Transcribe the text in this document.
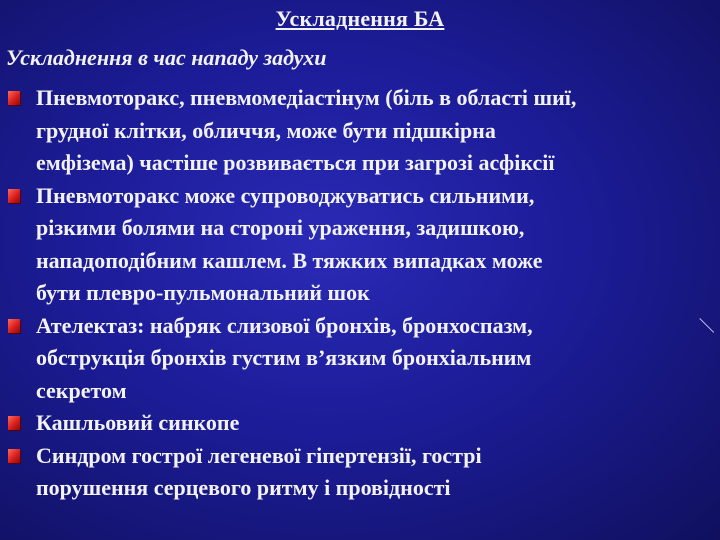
Ускладнення БА
Ускладнення в час нападу задухи
Пневмоторакс, пневмомедіастінум (біль в області шиї,
грудної клітки, обличчя, може бути підшкірна
емфізема) частіше розвивається при загрозі асфіксії
Пневмоторакс може супроводжуватись сильними,
різкими болями на стороні ураження, задишкою,
нападоподібним кашлем. В тяжких випадках може
бути плевро-пульмональний шок
Ателектаз: набряк слизової бронхів, бронхоспазм,
обструкція бронхів густим в’язким бронхіальним
секретом
Кашльовий синкопе
Синдром гострої легеневої гіпертензії, гострі
порушення серцевого ритму і провідності
